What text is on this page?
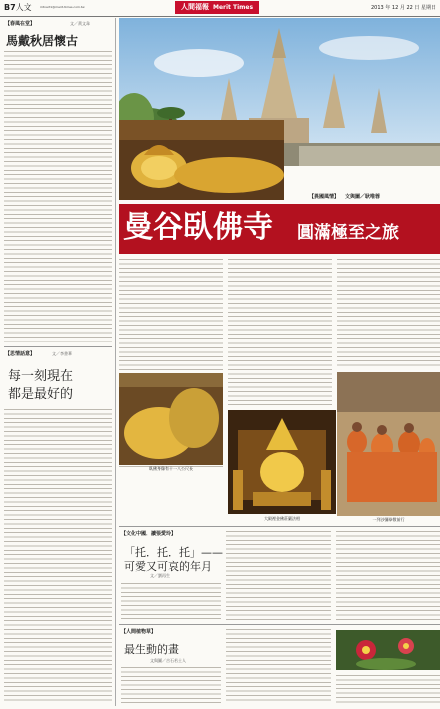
B7人文	mtnart1@merit-times.com.tw	人間福報 Merit Times	2013 年 12 月 22 日 星期日
【春風在堂】	文／黃文韋
馬戴秋居懷古
【思情話意】	文／李書華
每一刻現在
都是最好的
【異國風情】 文與圖／耿唯蓉
曼谷臥佛寺 圓滿極至之旅
臥佛身像有十一八公尺長
大殿裡金佛莊嚴法相	一列沙彌恭敬前行
【文化中國．讀張愛玲】
「托．托．托」——
可愛又可哀的年月
文／劉再生
【人間植物草】
最生動的畫
文與圖／吉石若土人
